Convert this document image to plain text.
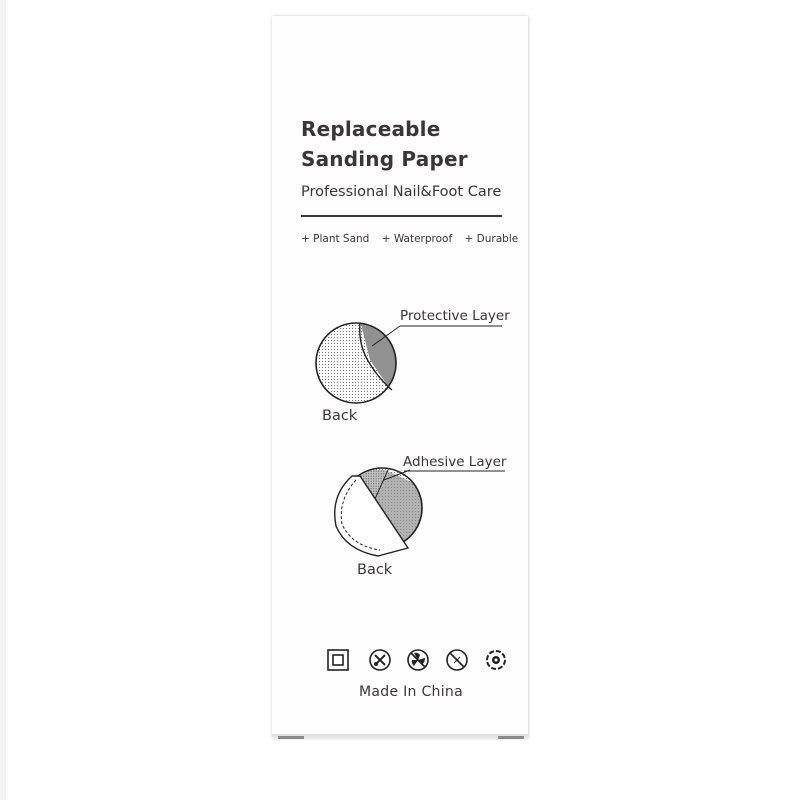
Replaceable
Sanding Paper
Professional Nail&Foot Care
+ Plant Sand + Waterproof + Durable
Protective Layer
Back
Adhesive Layer
Back
Made In China
